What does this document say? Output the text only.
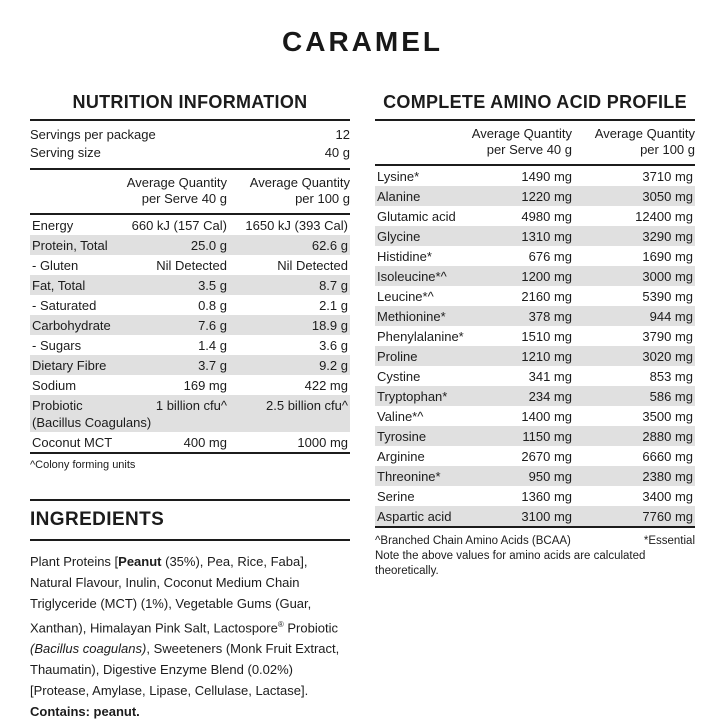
CARAMEL
NUTRITION INFORMATION
Servings per package	12
Serving size	40 g
Average Quantity
per Serve 40 g
Average Quantity
per 100 g
Energy	660 kJ (157 Cal)	1650 kJ (393 Cal)
Protein, Total	25.0 g	62.6 g
- Gluten	Nil Detected	Nil Detected
Fat, Total	3.5 g	8.7 g
- Saturated	0.8 g	2.1 g
Carbohydrate	7.6 g	18.9 g
- Sugars	1.4 g	3.6 g
Dietary Fibre	3.7 g	9.2 g
Sodium	169 mg	422 mg
Probiotic	1 billion cfu^	2.5 billion cfu^
(Bacillus Coagulans)
Coconut MCT	400 mg	1000 mg
^Colony forming units
INGREDIENTS

Plant Proteins [Peanut (35%), Pea, Rice, Faba], Natural Flavour, Inulin, Coconut Medium Chain Triglyceride (MCT) (1%), Vegetable Gums (Guar, Xanthan), Himalayan Pink Salt, Lactospore® Probiotic (Bacillus coagulans), Sweeteners (Monk Fruit Extract, Thaumatin), Digestive Enzyme Blend (0.02%) [Protease, Amylase, Lipase, Cellulase, Lactase].
Contains: peanut.

COMPLETE AMINO ACID PROFILE
Average Quantity
per Serve 40 g
Average Quantity
per 100 g
Lysine*	1490 mg	3710 mg
Alanine	1220 mg	3050 mg
Glutamic acid	4980 mg	12400 mg
Glycine	1310 mg	3290 mg
Histidine*	676 mg	1690 mg
Isoleucine*^	1200 mg	3000 mg
Leucine*^	2160 mg	5390 mg
Methionine*	378 mg	944 mg
Phenylalanine*	1510 mg	3790 mg
Proline	1210 mg	3020 mg
Cystine	341 mg	853 mg
Tryptophan*	234 mg	586 mg
Valine*^	1400 mg	3500 mg
Tyrosine	1150 mg	2880 mg
Arginine	2670 mg	6660 mg
Threonine*	950 mg	2380 mg
Serine	1360 mg	3400 mg
Aspartic acid	3100 mg	7760 mg
^Branched Chain Amino Acids (BCAA)	*Essential
Note the above values for amino acids are calculated theoretically.
